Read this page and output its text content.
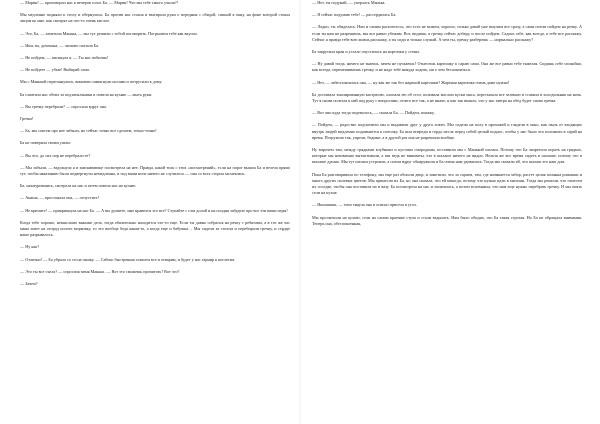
— Марин! — приговорил нас к вечеров голос Ба. — Марин! Что мы тебе такого учили?!

Мы медленно подняли к столу и обернулись. Ба против нас стояла и вытирала руки о передник с обидой, спиной к окну, на фоне которой стояла лицом ко мне, как смотрят на что-то очень кислое.

— Это, Ба, — заметила Манька, — мы тут решили с тобой поговорить. Погрызаем тебе как вкусно.

— Ишь ты, доченька, — ласково сказала Ба.

— Не пойдем, — пискнула я. — Ты нас побьешь!

— Не пойдете — убью! Выбирай сама.

Мы с Манькой переглянулись, виновато шмыгнули носами и потрусили к дому.

Ба схватила нас обеих за подзатыльники и повела на кухню — мыть руки.

— Вы гречку перебрали? — спросила вдруг она.

Гречка!

— Ба, мы совсем про нее забыли, но сейчас точно все сделаем, точно-точно!

Ба не поверила своим ушам:

— Вы что, до сих пор не перебрали ее?

— Мы забыли, — вздохнула я и заискивающе посмотрела на нее. Правда, какой толк с этих «посмотрений», если на порог вышла Ба и велела прямо тут, чтобы наказанию были подвергнуты немедленно, и под ваши ноги ничего не случилось — она со всех сторон засмеялась.

Ба, нахмурившись, смотрела на нас и затем повела нас на кухню.

— Анаша, — простонала она, — отпустите!

— Не кричите! — прикрикнула на нас Ба. — А вы думаете, мне нравится это все? Ступайте с глаз долой и на полдня забудьте про все эти ваши игры!

Когда тебе хорошо, немыслимо важные дела, тогда обязательно находится что-то еще. Если ты давно собрался на речку с ребятами, а в тот же час мама зовет на огород полоть морковку, то это вообще беда какая-то, а когда еще и бабушка… Мы сидели за столом и перебирали гречку, и сердце наше разрывалось.

— Ну как?

— Отлично! — Ба убрала со стола чашку. — Сейчас быстренько помоем все и отварим, и будет у нас гарнир к котлетам.

— Это ты все съела? — спросила меня Манька. — Вот это сможешь прочитать? Вот это?

— Зачем?

— Нет, ты подумай, — уперлась Манька.

— Я сейчас подумаю тебе! — рассердилась Ба.

— Ладно, ты обиделась. Нам и самим расхотелось, что есть не можем, хорошо, только давай уже выучим все сразу, а сами потом пойдем на речку. А если ты нам не разрешишь, мы все равно убежим. Вот, видишь, я гречку сейчас доберу, и после пойдем. Садись себе, как всегда, я тебе все расскажу. Сейчас я правда тебе всю жизнь расскажу, а ты сиди и только слушай. А чем ты, гречку разберешь — нормально расскажу?

Ба закрутила кран и устало опустилась на корточки у стены.

— Ну давай тогда, ничего не знаешь, зачем не пускаешь? Отнесешь картошку к сараю сама. Она же все равно тебе тяжелая. Сидишь себе спокойно, как всегда, перемешиваешь гречку, и не надо тебе никуда ходить, ни о чем беспокоиться.

— Нет, — забеспокоилась она, — ну как же так без жареной картошки? Жареная картошка очень даже нужна!

Ба доставала эмалированную кастрюлю, хлопала ею об стол, поливала маслом куски мяса, пересыпала все зеленью и ставила в холодильник на ночь. Тут я снова полезла к ней под руку с вопросами, отчего все так, а не иначе, и как так вышло, что у нас завтра на обед будет снова гречка.

— Вот оно куда тогда подевалось, — сказала Ба. — Пойдем, покажу.

— Пойдем, — радостно подскочили мы и выдавили друг у друга локти. Мы сидели на полу в прохожей и глядели в окно, как пыль от входящих внутрь людей медленно поднимается к потолку. Ба шла впереди и гордо несла перед собой целый поднос, чтобы у нас было что положить в сарай на время. Погрузили так, упрели, бедные, а в другой раз она не разрешила вообще.

Ну впрочем там, между грядками клубники и кустами смородины, поставили мы с Манькой шалаш. Потому что Ба запретила играть на грядках, которые мы неизменно вытаптывали, а мы ведь не виноваты, что в шалаше ничего не видно. Нельзя же все время сидеть в шалаше, потому что в шалаше душно. Мы тут шалаш устроили, а потом вдруг обнаружили и Ба очень нам удивилась. Тогда мы сказали ей, что шалаш это наш дом.

Пока Ба разговаривала по телефону, мы еще раз обошли двор, и заметили, что за сараем, там, где начинается забор, растет целая полянка ромашки и много других полевых цветов. Мы принесли их Ба, но она сказала, что ей некогда, потому что нужно идти в магазин. Тогда мы решили, что отнесем их соседке, чтобы она поставила их в вазу. Ба посмотрела на нас и засмеялась, а потом вспомнила, что нам еще нужно перебрать гречку. И мы опять сели на кухне.

— Ишшшшш, — тихо тянула она и опасно присела в угол.

Мы проскочили на кухню, сели на самом краешке стула и стали вздыхать. Нам было обидно, что Ба такая строгая. Но Ба не обращала внимания. Теперь она, обеспокоенная,
